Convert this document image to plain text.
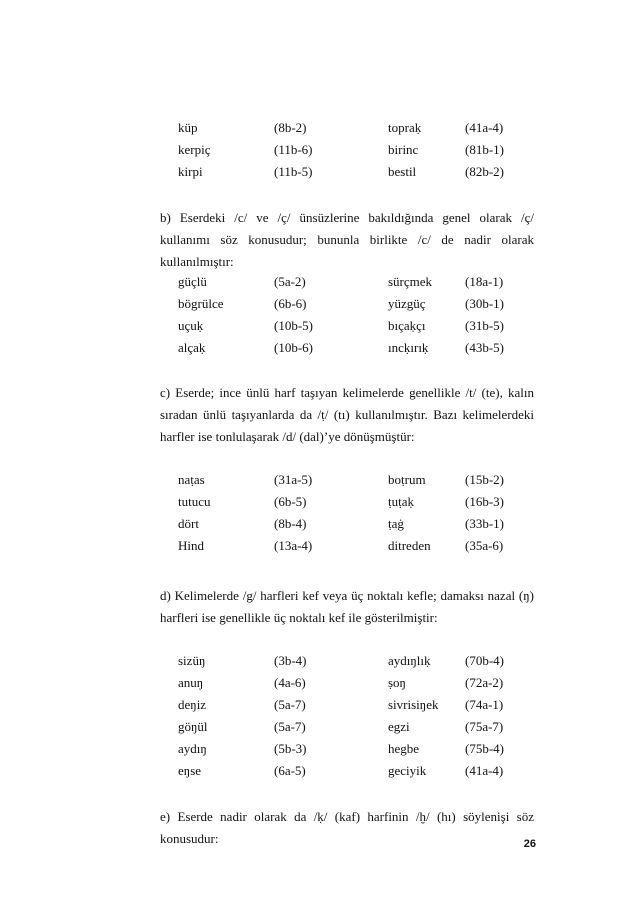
küp	(8b-2)	topraḳ	(41a-4)
kerpiç	(11b-6)	birinc	(81b-1)
kirpi	(11b-5)	bestil	(82b-2)

b) Eserdeki /c/ ve /ç/ ünsüzlerine bakıldığında genel olarak /ç/ kullanımı söz konusudur; bununla birlikte /c/ de nadir olarak kullanılmıştır:

güçlü	(5a-2)	sürçmek	(18a-1)
bögrülce	(6b-6)	yüzgüç	(30b-1)
uçuḳ	(10b-5)	bıçaḳçı	(31b-5)
alçaḳ	(10b-6)	ıncḳırıḳ	(43b-5)

c) Eserde; ince ünlü harf taşıyan kelimelerde genellikle /t/ (te), kalın sıradan ünlü taşıyanlarda da /ṭ/ (tı) kullanılmıştır. Bazı kelimelerdeki harfler ise tonlulaşarak /d/ (dal)’ye dönüşmüştür:

naṭas	(31a-5)	boṭrum	(15b-2)
tutucu	(6b-5)	ṭuṭaḳ	(16b-3)
dört	(8b-4)	ṭaġ	(33b-1)
Hind	(13a-4)	ditreden	(35a-6)

d) Kelimelerde /g/ harfleri kef veya üç noktalı kefle; damaksı nazal (ŋ) harfleri ise genellikle üç noktalı kef ile gösterilmiştir:

sizüŋ	(3b-4)	aydıŋlıḳ	(70b-4)
anuŋ	(4a-6)	ṣoŋ	(72a-2)
deŋiz	(5a-7)	sivrisiŋek	(74a-1)
göŋül	(5a-7)	egzi	(75a-7)
aydıŋ	(5b-3)	hegbe	(75b-4)
eŋse	(6a-5)	geciyik	(41a-4)

e) Eserde nadir olarak da /ḳ/ (kaf) harfinin /ḫ/ (hı) söylenişi söz konusudur:	26
